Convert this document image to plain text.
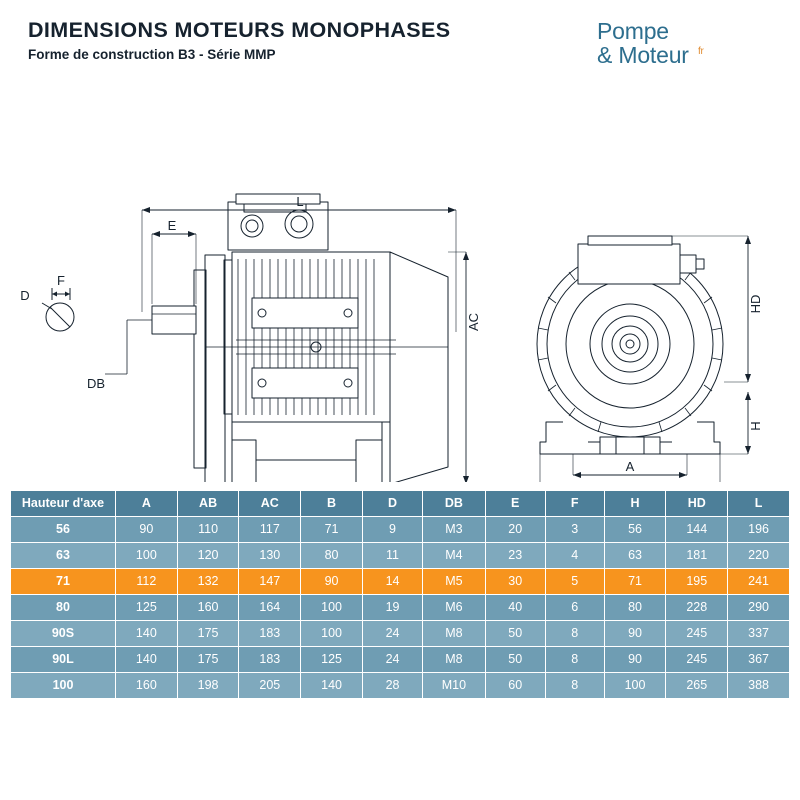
DIMENSIONS MOTEURS MONOPHASES
Forme de construction B3 - Série MMP
Pompe
& Moteur fr
L
E
F
D
DB
AC
HD
H
A
Hauteur d'axe	A	AB	AC	B	D	DB	E	F	H	HD	L
56	90	110	117	71	9	M3	20	3	56	144	196
63	100	120	130	80	11	M4	23	4	63	181	220
71	112	132	147	90	14	M5	30	5	71	195	241
80	125	160	164	100	19	M6	40	6	80	228	290
90S	140	175	183	100	24	M8	50	8	90	245	337
90L	140	175	183	125	24	M8	50	8	90	245	367
100	160	198	205	140	28	M10	60	8	100	265	388
